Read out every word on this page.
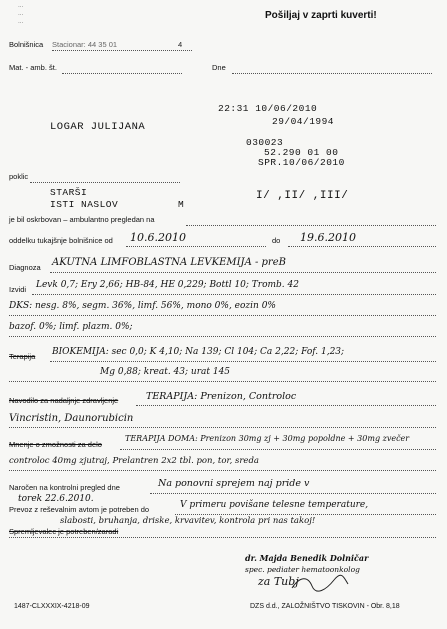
...
...
...
Pošiljaj v zaprti kuverti!
Bolnišnica Stacionar: 44 35 01	4
Mat. - amb. št.	Dne
22:31 10/06/2010
29/04/1994
LOGAR JULIJANA
030023
52.290 01 00
SPR.10/06/2010
poklic
STARŠI
ISTI NASLOV	M
I/ ,II/ ,III/
je bil oskrbovan – ambulantno pregledan na
oddelku tukajšnje bolnišnice od 10.6.2010	do 19.6.2010
Diagnoza AKUTNA LIMFOBLASTNA LEVKEMIJA - preB
Izvidi Levk 0,7; Ery 2,66; HB-84, HE 0,229; Bottl 10; Tromb. 42
DKS: nesg. 8%, segm. 36%, limf. 56%, mono 0%, eozin 0%
bazof. 0%; limf. plazm. 0%;
Terapija BIOKEMIJA: sec 0,0; K 4,10; Na 139; Cl 104; Ca 2,22; Fof. 1,23;
Mg 0,88; kreat. 43; urat 145
Navodilo za nadaljnje zdravljenje	TERAPIJA: Prenizon, Controloc
Vincristin, Daunorubicin
Mnenje o zmožnosti za delo
TERAPIJA DOMA: Prenizon 30mg zj + 30mg popoldne + 30mg zvečer
controloc 40mg zjutraj, Prelantren 2x2 tbl. pon, tor, sreda
Naročen na kontrolni pregled dne	Na ponovni sprejem naj pride v
torek 22.6.2010.
Prevoz z reševalnim avtom je potreben do	V primeru povišane telesne temperature,
Spremljevalec je potreben/zaradi
slabosti, bruhanja, driske, krvavitev, kontrola pri nas takoj!
dr. Majda Benedik Dolničar
spec. pediater hematoonkolog
za Tubj
1487-CLXXXIX-4218-09	DZS d.d., ZALOŽNIŠTVO TISKOVIN - Obr. 8,18
